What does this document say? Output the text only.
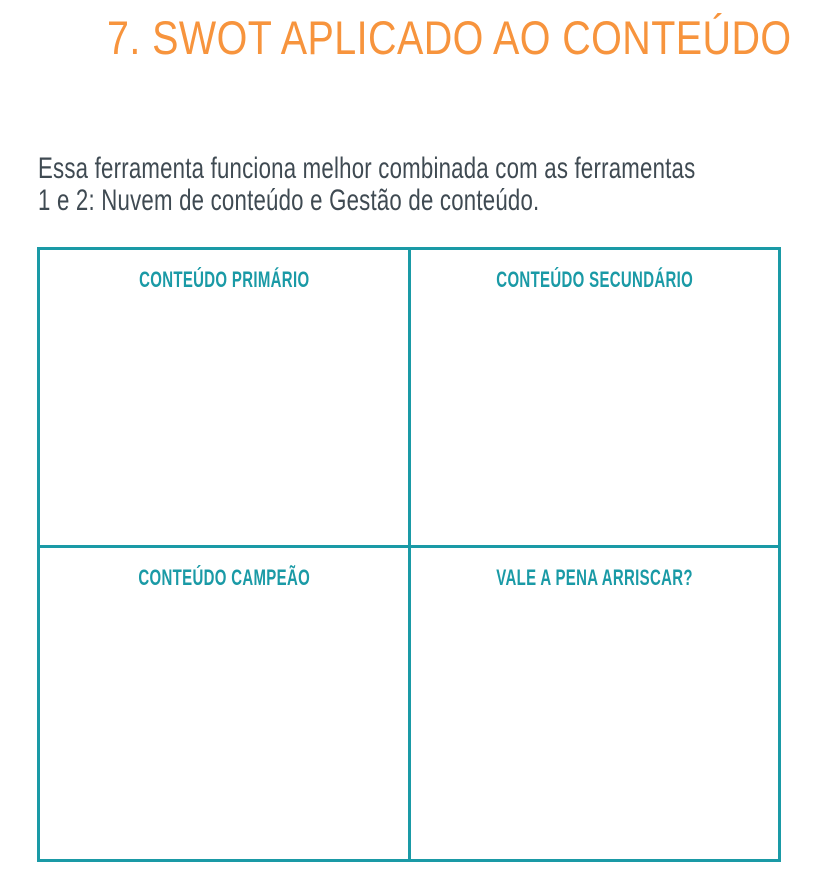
7. SWOT APLICADO AO CONTEÚDO
Essa ferramenta funciona melhor combinada com as ferramentas
1 e 2: Nuvem de conteúdo e Gestão de conteúdo.
CONTEÚDO PRIMÁRIO	CONTEÚDO SECUNDÁRIO
CONTEÚDO CAMPEÃO	VALE A PENA ARRISCAR?
